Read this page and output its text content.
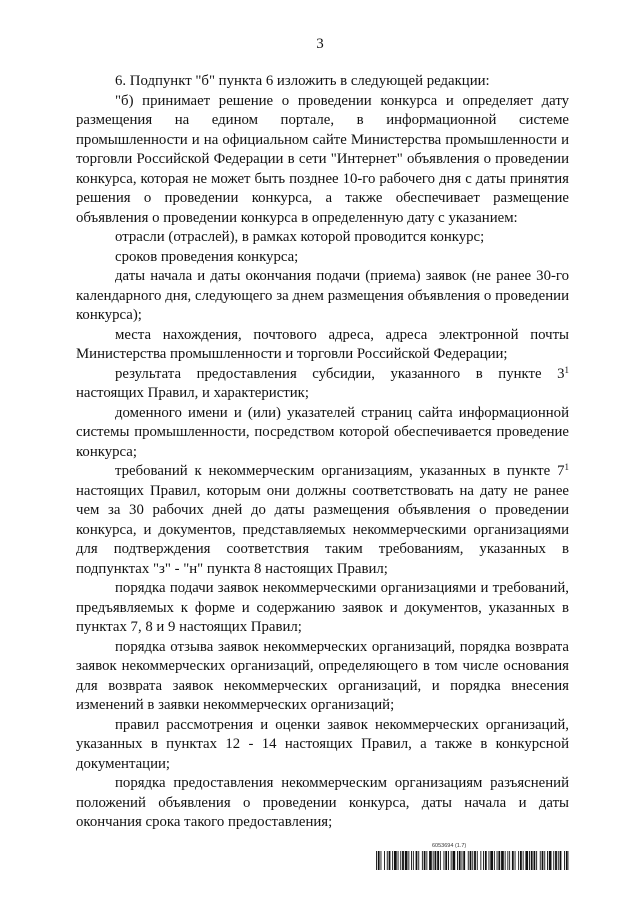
3

6. Подпункт "б" пункта 6 изложить в следующей редакции:

"б) принимает решение о проведении конкурса и определяет дату размещения на едином портале, в информационной системе промышленности и на официальном сайте Министерства промышленности и торговли Российской Федерации в сети "Интернет" объявления о проведении конкурса, которая не может быть позднее 10-го рабочего дня с даты принятия решения о проведении конкурса, а также обеспечивает размещение объявления о проведении конкурса в определенную дату с указанием:

отрасли (отраслей), в рамках которой проводится конкурс;

сроков проведения конкурса;

даты начала и даты окончания подачи (приема) заявок (не ранее 30-го календарного дня, следующего за днем размещения объявления о проведении конкурса);

места нахождения, почтового адреса, адреса электронной почты Министерства промышленности и торговли Российской Федерации;

результата предоставления субсидии, указанного в пункте $3^1$ настоящих Правил, и характеристик;

доменного имени и (или) указателей страниц сайта информационной системы промышленности, посредством которой обеспечивается проведение конкурса;

требований к некоммерческим организациям, указанных в пункте $7^1$ настоящих Правил, которым они должны соответствовать на дату не ранее чем за 30 рабочих дней до даты размещения объявления о проведении конкурса, и документов, представляемых некоммерческими организациями для подтверждения соответствия таким требованиям, указанных в подпунктах "з" - "н" пункта 8 настоящих Правил;

порядка подачи заявок некоммерческими организациями и требований, предъявляемых к форме и содержанию заявок и документов, указанных в пунктах 7, 8 и 9 настоящих Правил;

порядка отзыва заявок некоммерческих организаций, порядка возврата заявок некоммерческих организаций, определяющего в том числе основания для возврата заявок некоммерческих организаций, и порядка внесения изменений в заявки некоммерческих организаций;

правил рассмотрения и оценки заявок некоммерческих организаций, указанных в пунктах 12 - 14 настоящих Правил, а также в конкурсной документации;

порядка предоставления некоммерческим организациям разъяснений положений объявления о проведении конкурса, даты начала и даты окончания срока такого предоставления;

6053694 (1.7)
